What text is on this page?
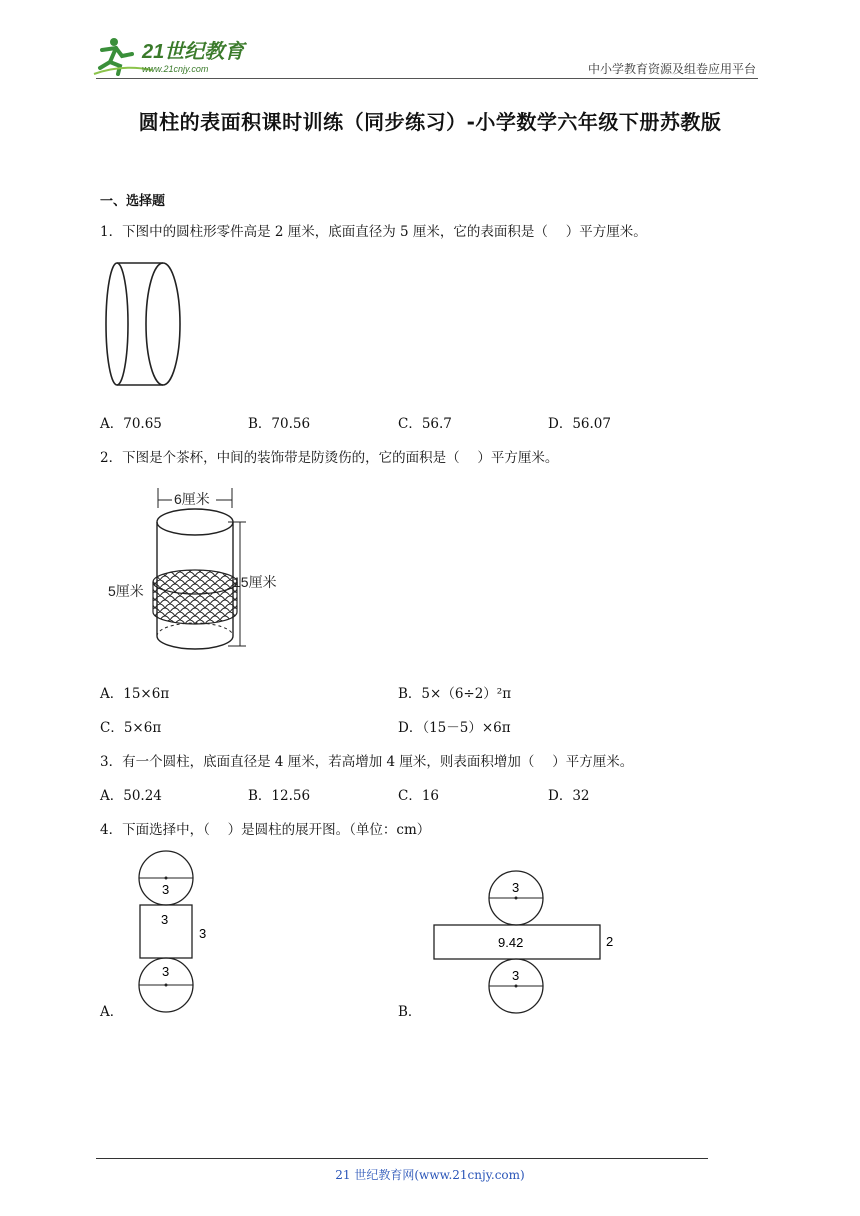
21世纪教育
www.21cnjy.com	中小学教育资源及组卷应用平台
圆柱的表面积课时训练（同步练习）-小学数学六年级下册苏教版
一、选择题
1．下图中的圆柱形零件高是 2 厘米，底面直径为 5 厘米，它的表面积是（　 ）平方厘米。
A．70.65	B．70.56	C．56.7	D．56.07
2．下图是个茶杯，中间的装饰带是防烫伤的，它的面积是（　 ）平方厘米。
6厘米
15厘米
5厘米
A．15×6π	B．5×（6÷2）²π
C．5×6π	D．（15－5）×6π
3．有一个圆柱，底面直径是 4 厘米，若高增加 4 厘米，则表面积增加（　 ）平方厘米。
A．50.24	B．12.56	C．16	D．32
4．下面选择中，（　 ）是圆柱的展开图。（单位：cm）
3
3
3
3
A．
3
9.42	2
3
B．
21 世纪教育网(www.21cnjy.com)
